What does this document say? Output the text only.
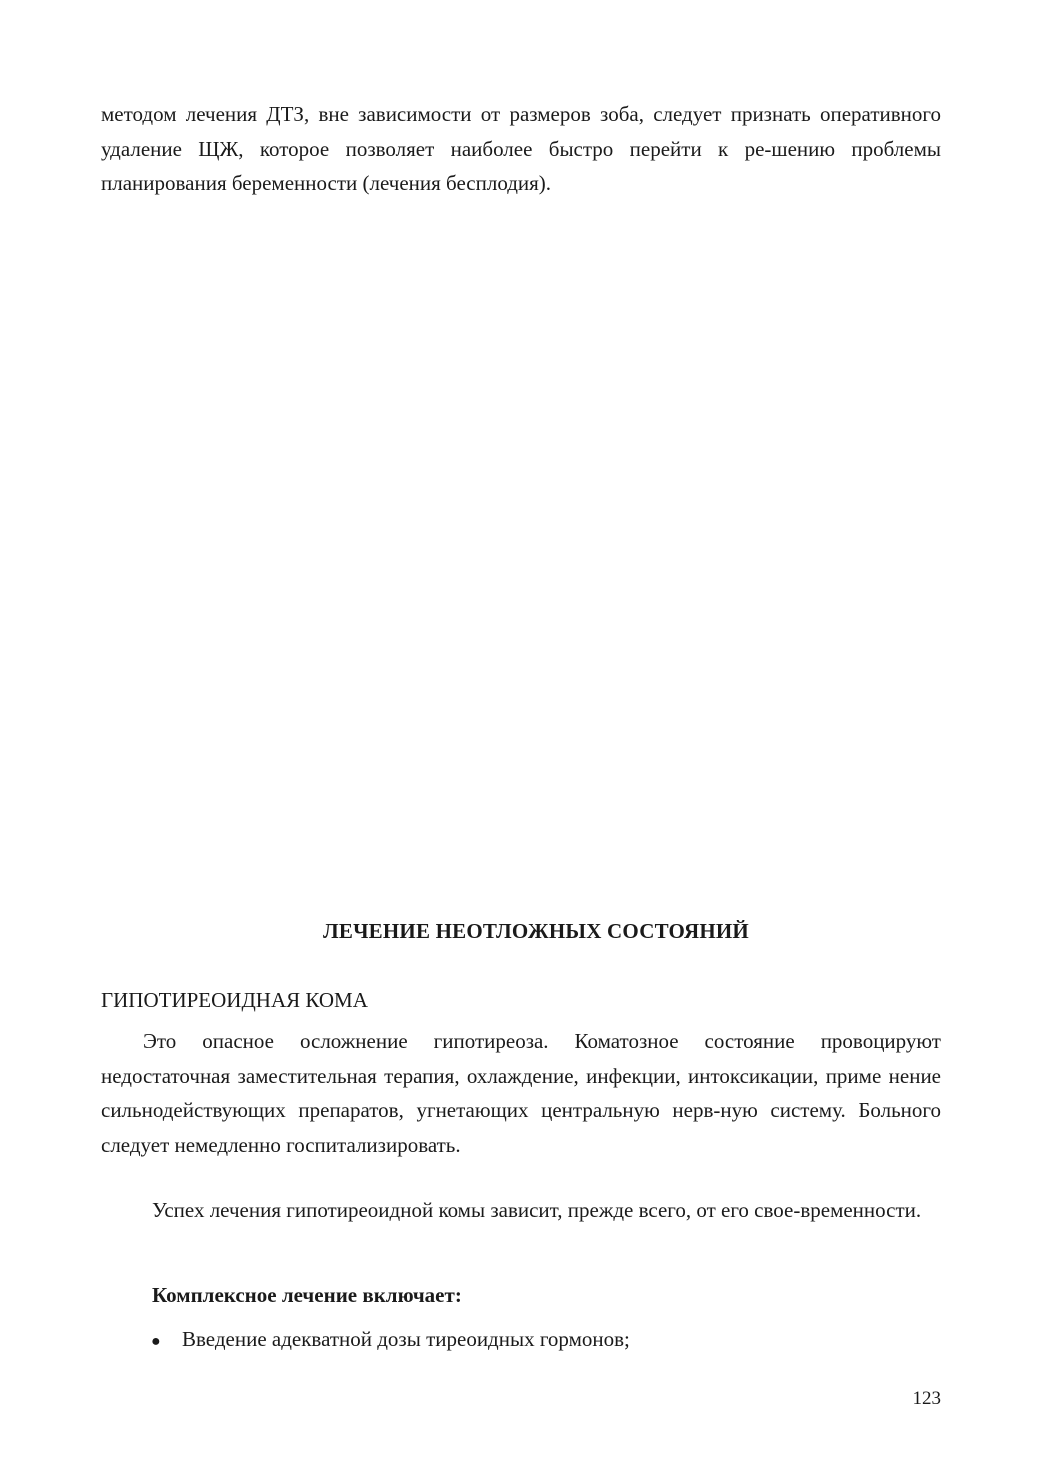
методом лечения ДТЗ, вне зависимости от размеров зоба, следует признать оперативного удаление ЩЖ, которое позволяет наиболее быстро перейти к ре-шению проблемы планирования беременности (лечения бесплодия).

ЛЕЧЕНИЕ НЕОТЛОЖНЫХ СОСТОЯНИЙ
ГИПОТИРЕОИДНАЯ КОМА

Это опасное осложнение гипотиреоза. Коматозное состояние провоцируют недостаточная заместительная терапия, охлаждение, инфекции, интоксикации, приме нение сильнодействующих препаратов, угнетающих центральную нерв-ную систему. Больного следует немедленно госпитализировать.

Успех лечения гипотиреоидной комы зависит, прежде всего, от его свое-временности.

Комплексное лечение включает:
●	Введение адекватной дозы тиреоидных гормонов;
123
